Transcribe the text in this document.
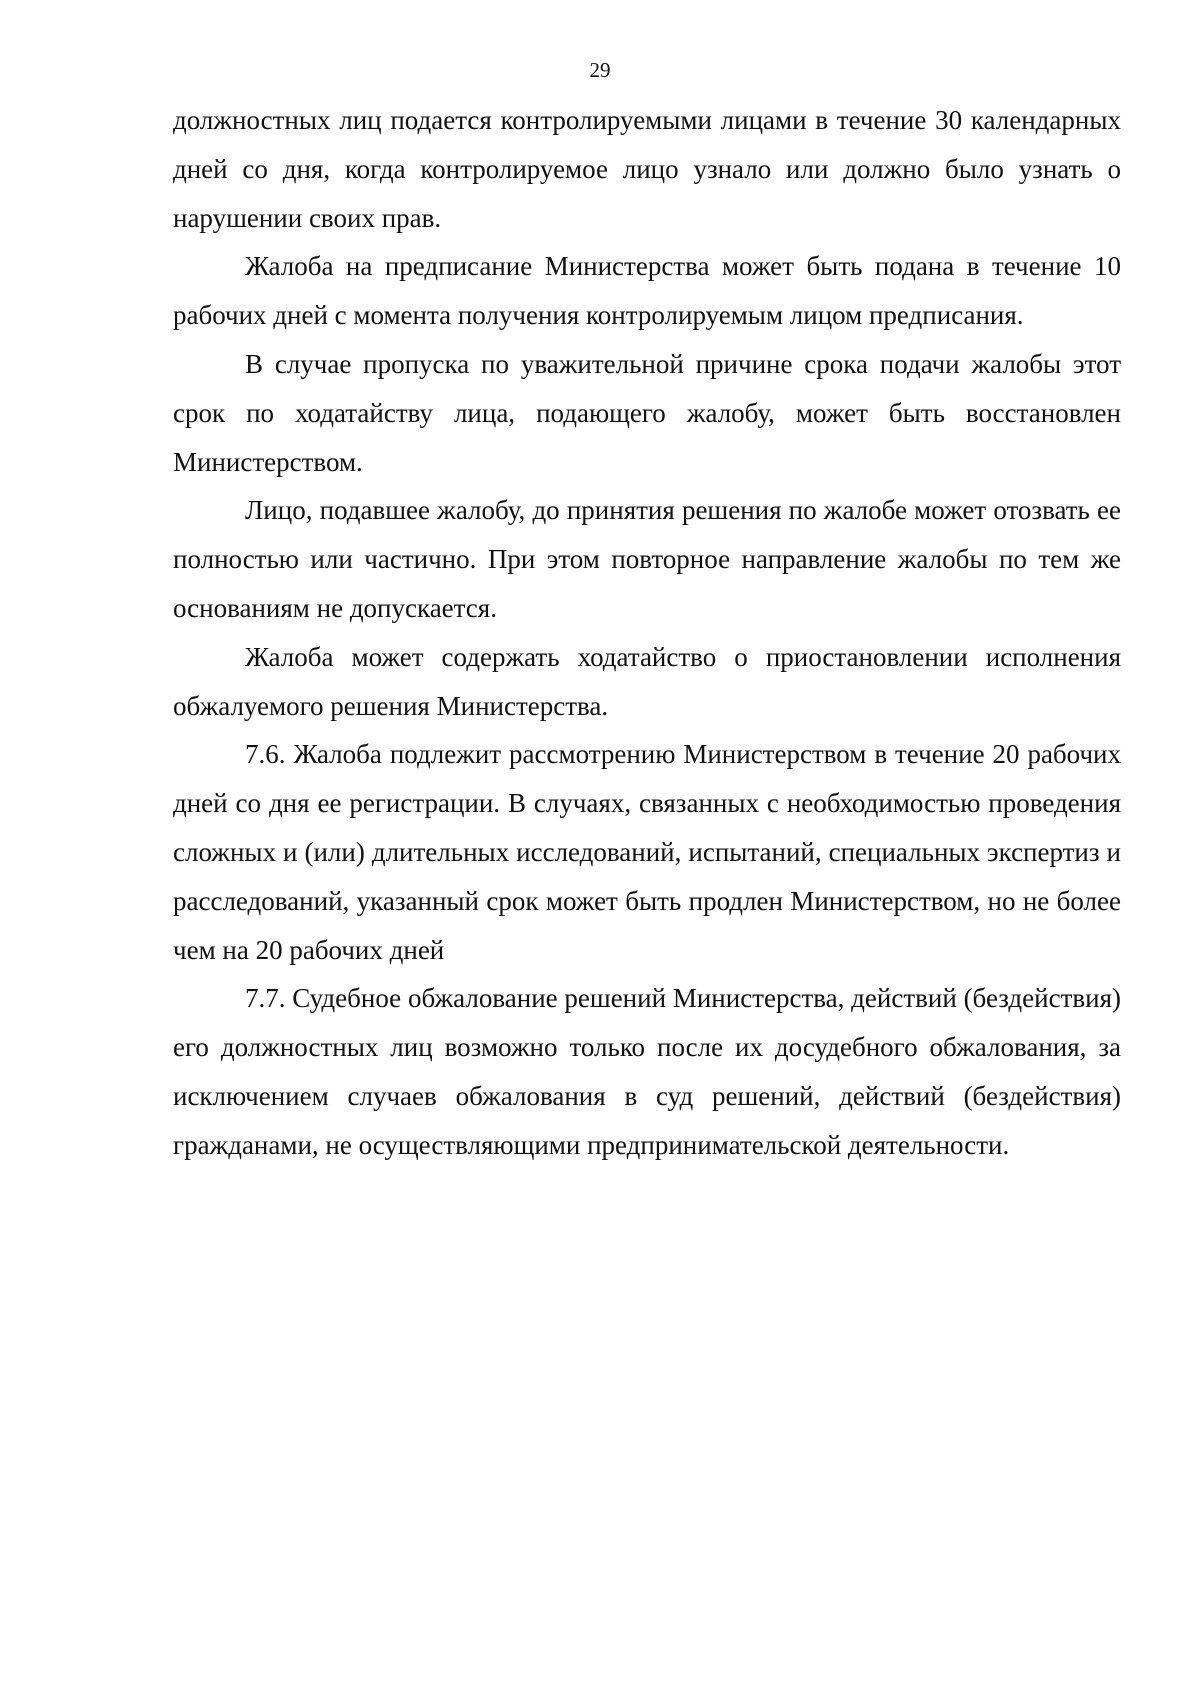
29

должностных лиц подается контролируемыми лицами в течение 30 календарных дней со дня, когда контролируемое лицо узнало или должно было узнать о нарушении своих прав.

Жалоба на предписание Министерства может быть подана в течение 10 рабочих дней с момента получения контролируемым лицом предписания.

В случае пропуска по уважительной причине срока подачи жалобы этот срок по ходатайству лица, подающего жалобу, может быть восстановлен Министерством.

Лицо, подавшее жалобу, до принятия решения по жалобе может отозвать ее полностью или частично. При этом повторное направление жалобы по тем же основаниям не допускается.

Жалоба может содержать ходатайство о приостановлении исполнения обжалуемого решения Министерства.

7.6. Жалоба подлежит рассмотрению Министерством в течение 20 рабочих дней со дня ее регистрации. В случаях, связанных с необходимостью проведения сложных и (или) длительных исследований, испытаний, специальных экспертиз и расследований, указанный срок может быть продлен Министерством, но не более чем на 20 рабочих дней

7.7. Судебное обжалование решений Министерства, действий (бездействия) его должностных лиц возможно только после их досудебного обжалования, за исключением случаев обжалования в суд решений, действий (бездействия) гражданами, не осуществляющими предпринимательской деятельности.
